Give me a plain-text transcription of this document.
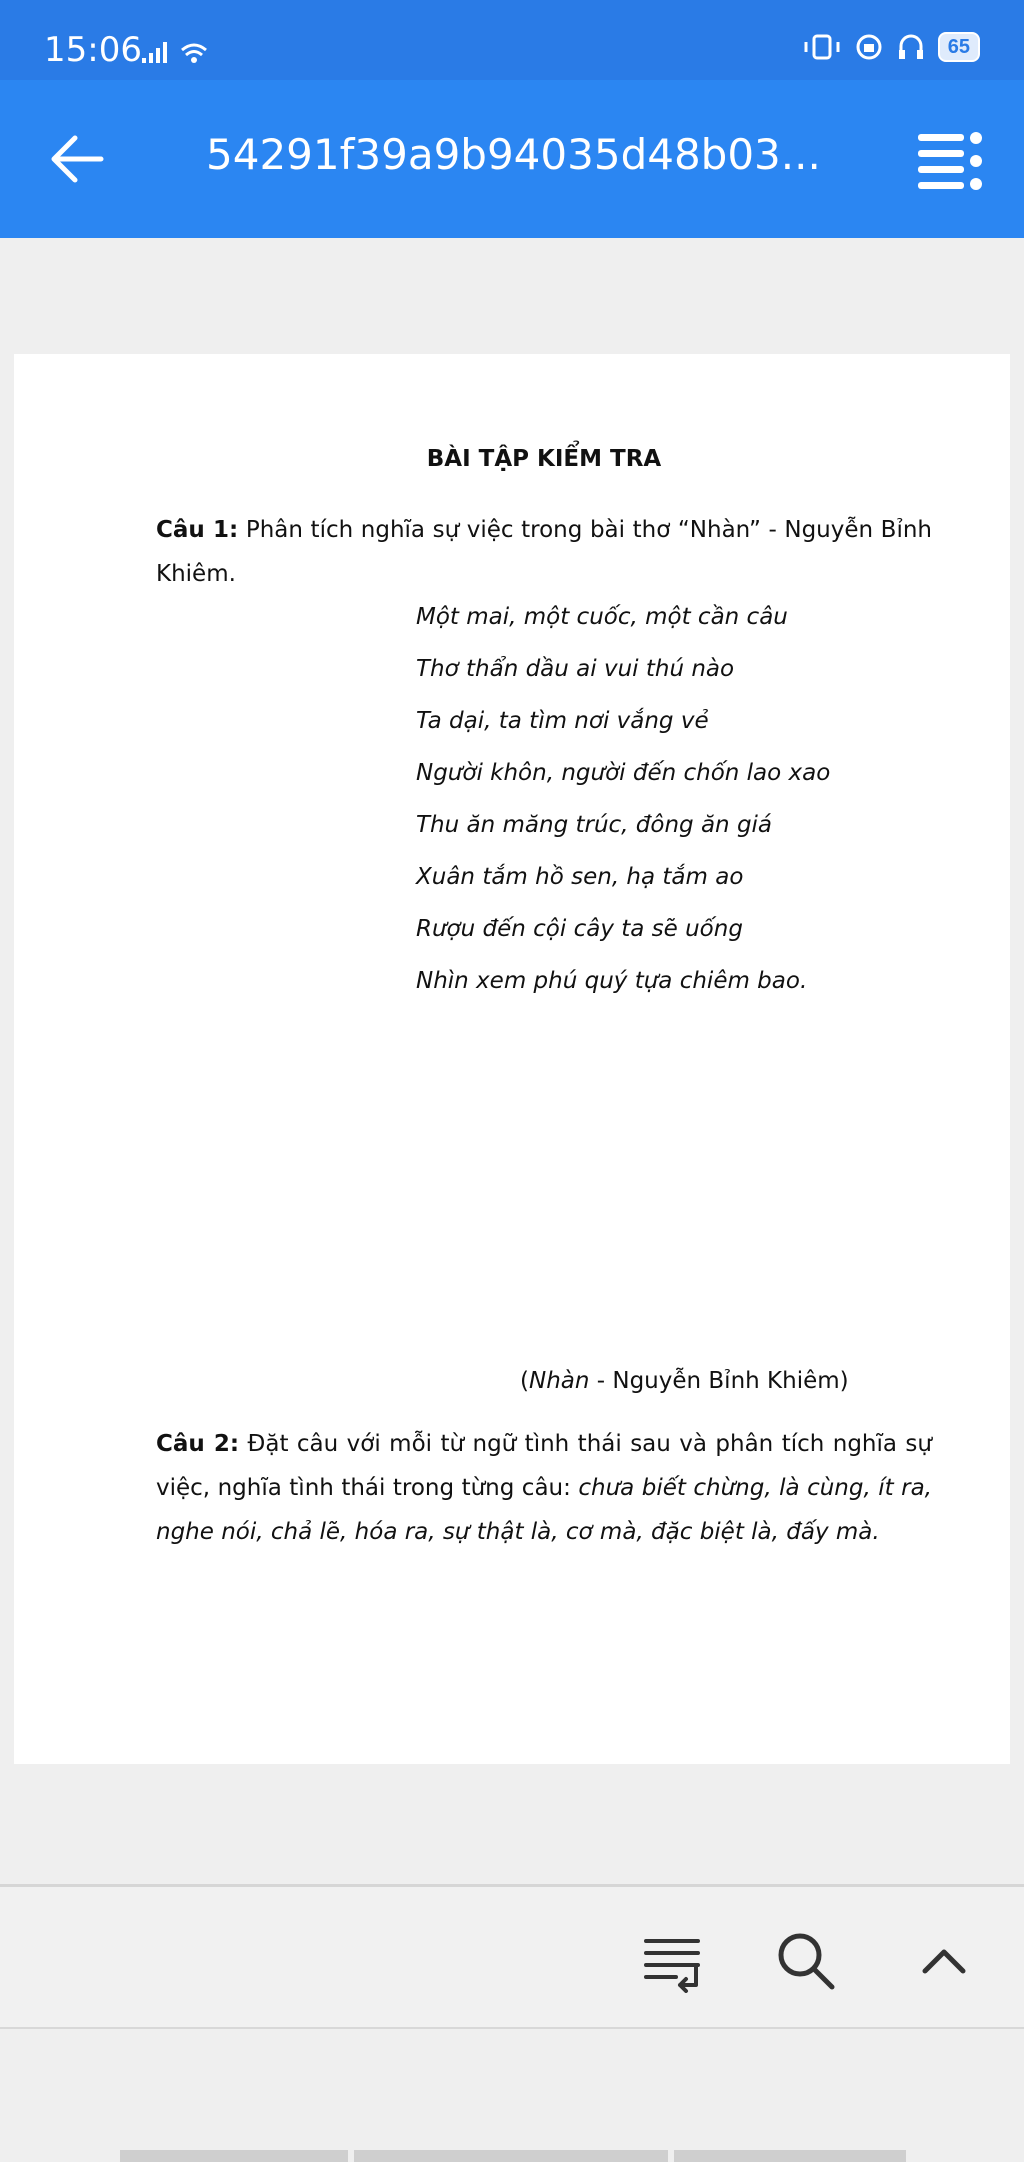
15:06	65
54291f39a9b94035d48b03...
BÀI TẬP KIỂM TRA
Câu 1: Phân tích nghĩa sự việc trong bài thơ “Nhàn” - Nguyễn Bỉnh Khiêm.
Một mai, một cuốc, một cần câu
Thơ thẩn dầu ai vui thú nào
Ta dại, ta tìm nơi vắng vẻ
Người khôn, người đến chốn lao xao
Thu ăn măng trúc, đông ăn giá
Xuân tắm hồ sen, hạ tắm ao
Rượu đến cội cây ta sẽ uống
Nhìn xem phú quý tựa chiêm bao.
(Nhàn - Nguyễn Bỉnh Khiêm)
Câu 2: Đặt câu với mỗi từ ngữ tình thái sau và phân tích nghĩa sự việc, nghĩa tình thái trong từng câu: chưa biết chừng, là cùng, ít ra, nghe nói, chả lẽ, hóa ra, sự thật là, cơ mà, đặc biệt là, đấy mà.
